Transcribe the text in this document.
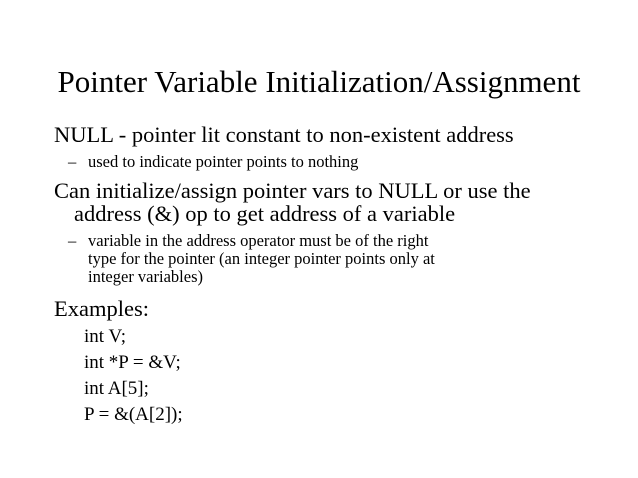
Pointer Variable Initialization/Assignment
NULL - pointer lit constant to non-existent address
– used to indicate pointer points to nothing
Can initialize/assign pointer vars to NULL or use the
address (&) op to get address of a variable
– variable in the address operator must be of the right
type for the pointer (an integer pointer points only at
integer variables)
Examples:
int V;
int *P = &V;
int A[5];
P = &(A[2]);
